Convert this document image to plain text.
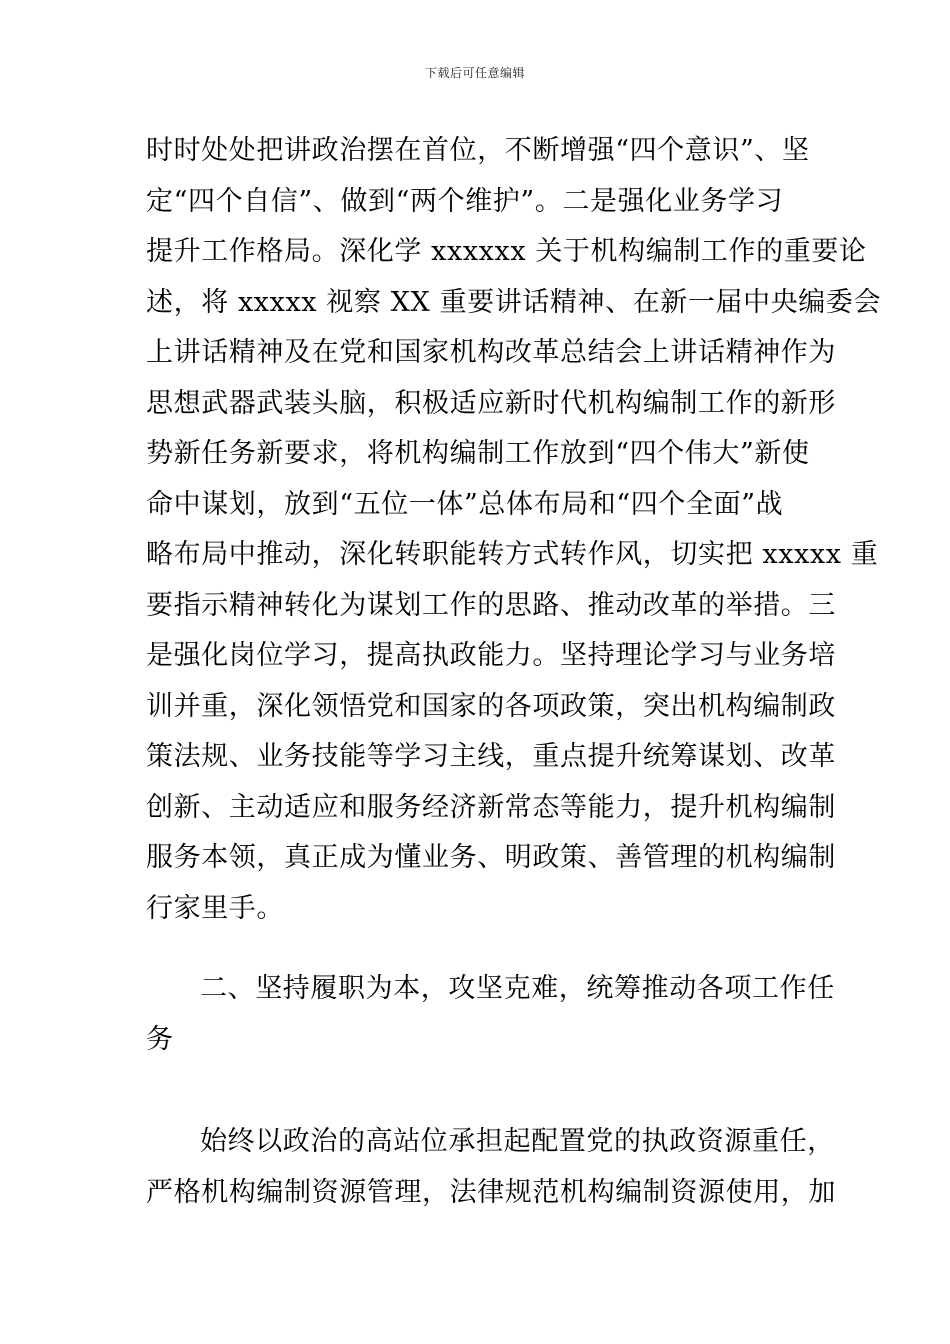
下载后可任意编辑
时时处处把讲政治摆在首位，不断增强“四个意识”、坚
定“四个自信”、做到“两个维护”。二是强化业务学习
提升工作格局。深化学 xxxxxx 关于机构编制工作的重要论
述，将 xxxxx 视察 XX 重要讲话精神、在新一届中央编委会
上讲话精神及在党和国家机构改革总结会上讲话精神作为
思想武器武装头脑，积极适应新时代机构编制工作的新形
势新任务新要求，将机构编制工作放到“四个伟大”新使
命中谋划，放到“五位一体”总体布局和“四个全面”战
略布局中推动，深化转职能转方式转作风，切实把 xxxxx 重
要指示精神转化为谋划工作的思路、推动改革的举措。三
是强化岗位学习，提高执政能力。坚持理论学习与业务培
训并重，深化领悟党和国家的各项政策，突出机构编制政
策法规、业务技能等学习主线，重点提升统筹谋划、改革
创新、主动适应和服务经济新常态等能力，提升机构编制
服务本领，真正成为懂业务、明政策、善管理的机构编制
行家里手。
二、坚持履职为本，攻坚克难，统筹推动各项工作任
务
始终以政治的高站位承担起配置党的执政资源重任，
严格机构编制资源管理，法律规范机构编制资源使用，加
